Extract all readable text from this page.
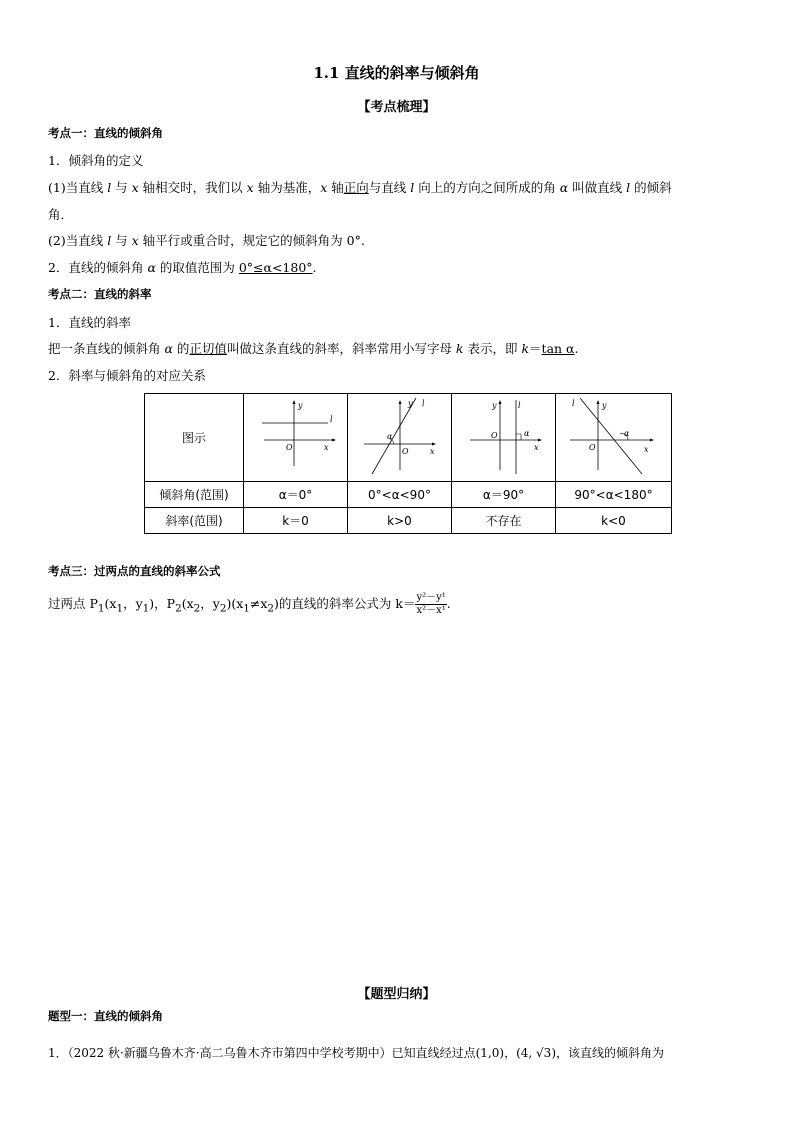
1.1 直线的斜率与倾斜角
【考点梳理】
考点一：直线的倾斜角
1．倾斜角的定义
(1)当直线 l 与 x 轴相交时，我们以 x 轴为基准，x 轴正向与直线 l 向上的方向之间所成的角 α 叫做直线 l 的倾斜
角．
(2)当直线 l 与 x 轴平行或重合时，规定它的倾斜角为 0°.
2．直线的倾斜角 α 的取值范围为 0°≤α<180°.
考点二：直线的斜率
1．直线的斜率
把一条直线的倾斜角 α 的正切值叫做这条直线的斜率，斜率常用小写字母 k 表示，即 k＝tan α.
2．斜率与倾斜角的对应关系
图示	y
l
O x	y l
α
O x	y l
α
O
x	l y
α
O x

倾斜角(范围)	α＝0°	0°<α<90°	α＝90°	90°<α<180°
斜率(范围)	k＝0	k>0	不存在	k<0
考点三：过两点的直线的斜率公式
过两点 $P_1(x_1$，$y_1$)，$P_2(x_2$，$y_2)(x_1\ne x_2)$的直线的斜率公式为 $k= \frac{\text{y²－y¹}}{\text{x²－x¹}}$ .
【题型归纳】
题型一：直线的倾斜角
1．（2022 秋·新疆乌鲁木齐·高二乌鲁木齐市第四中学校考期中）已知直线经过点(1,0)，(4, √3)，该直线的倾斜角为
